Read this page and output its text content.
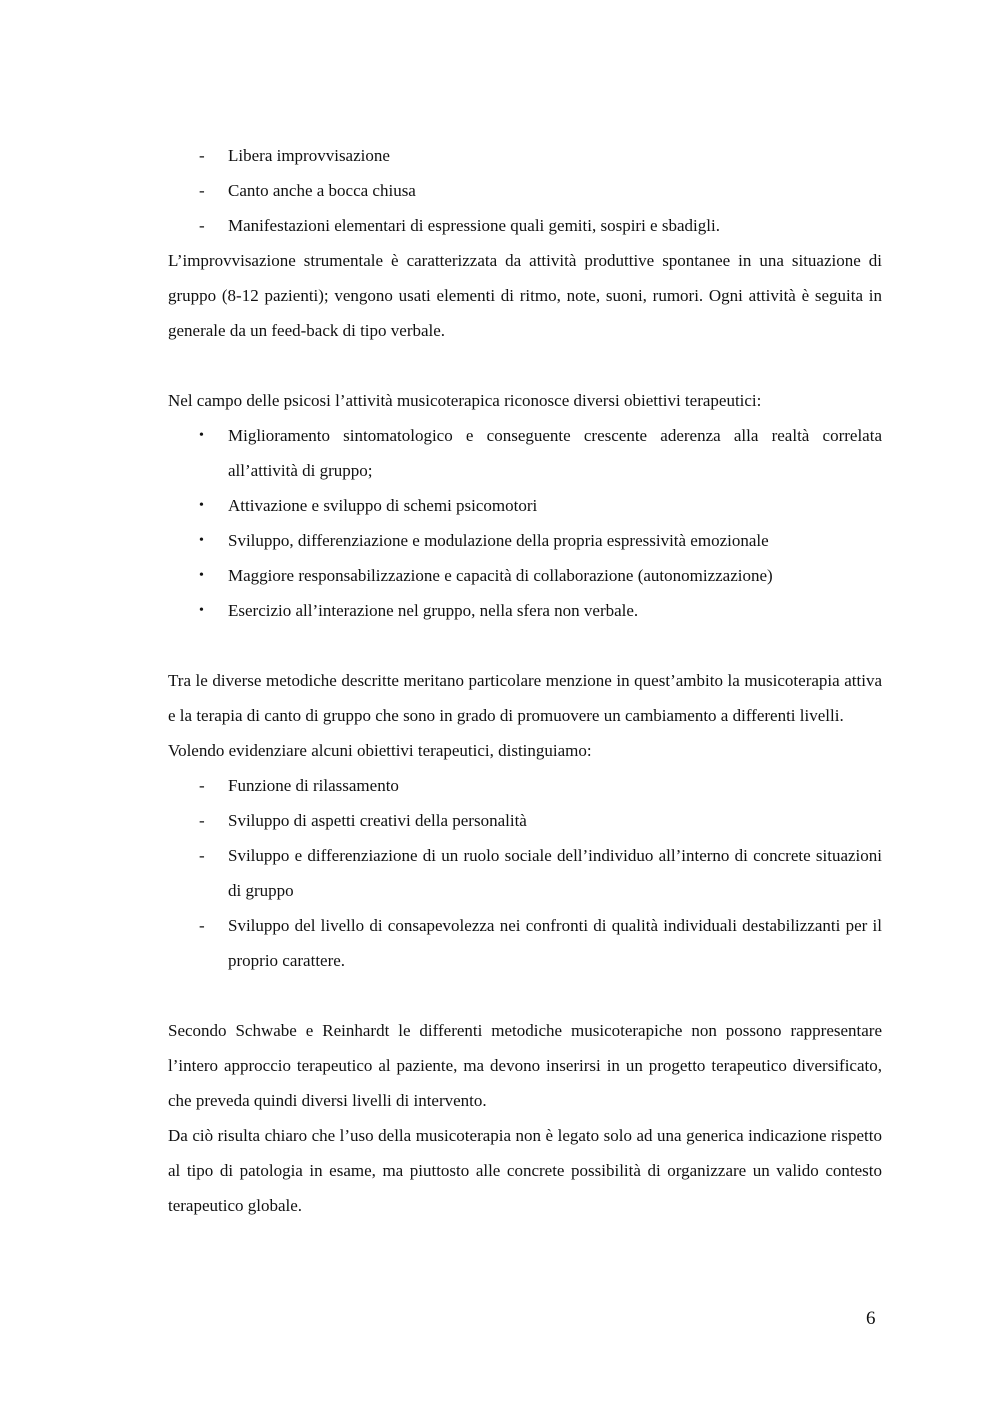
- Libera improvvisazione
- Canto anche a bocca chiusa
- Manifestazioni elementari di espressione quali gemiti, sospiri e sbadigli.

L’improvvisazione strumentale è caratterizzata da attività produttive spontanee in una situazione di gruppo (8-12 pazienti); vengono usati elementi di ritmo, note, suoni, rumori. Ogni attività è seguita in generale da un feed-back di tipo verbale.

Nel campo delle psicosi l’attività musicoterapica riconosce diversi obiettivi terapeutici:

• Miglioramento sintomatologico e conseguente crescente aderenza alla realtà correlata all’attività di gruppo;
• Attivazione e sviluppo di schemi psicomotori
• Sviluppo, differenziazione e modulazione della propria espressività emozionale
• Maggiore responsabilizzazione e capacità di collaborazione (autonomizzazione)
• Esercizio all’interazione nel gruppo, nella sfera non verbale.

Tra le diverse metodiche descritte meritano particolare menzione in quest’ambito la musicoterapia attiva e la terapia di canto di gruppo che sono in grado di promuovere un cambiamento a differenti livelli.

Volendo evidenziare alcuni obiettivi terapeutici, distinguiamo:

- Funzione di rilassamento
- Sviluppo di aspetti creativi della personalità
- Sviluppo e differenziazione di un ruolo sociale dell’individuo all’interno di concrete situazioni di gruppo
- Sviluppo del livello di consapevolezza nei confronti di qualità individuali destabilizzanti per il proprio carattere.

Secondo Schwabe e Reinhardt le differenti metodiche musicoterapiche non possono rappresentare l’intero approccio terapeutico al paziente, ma devono inserirsi in un progetto terapeutico diversificato, che preveda quindi diversi livelli di intervento.

Da ciò risulta chiaro che l’uso della musicoterapia non è legato solo ad una generica indicazione rispetto al tipo di patologia in esame, ma piuttosto alle concrete possibilità di organizzare un valido contesto terapeutico globale.

6
